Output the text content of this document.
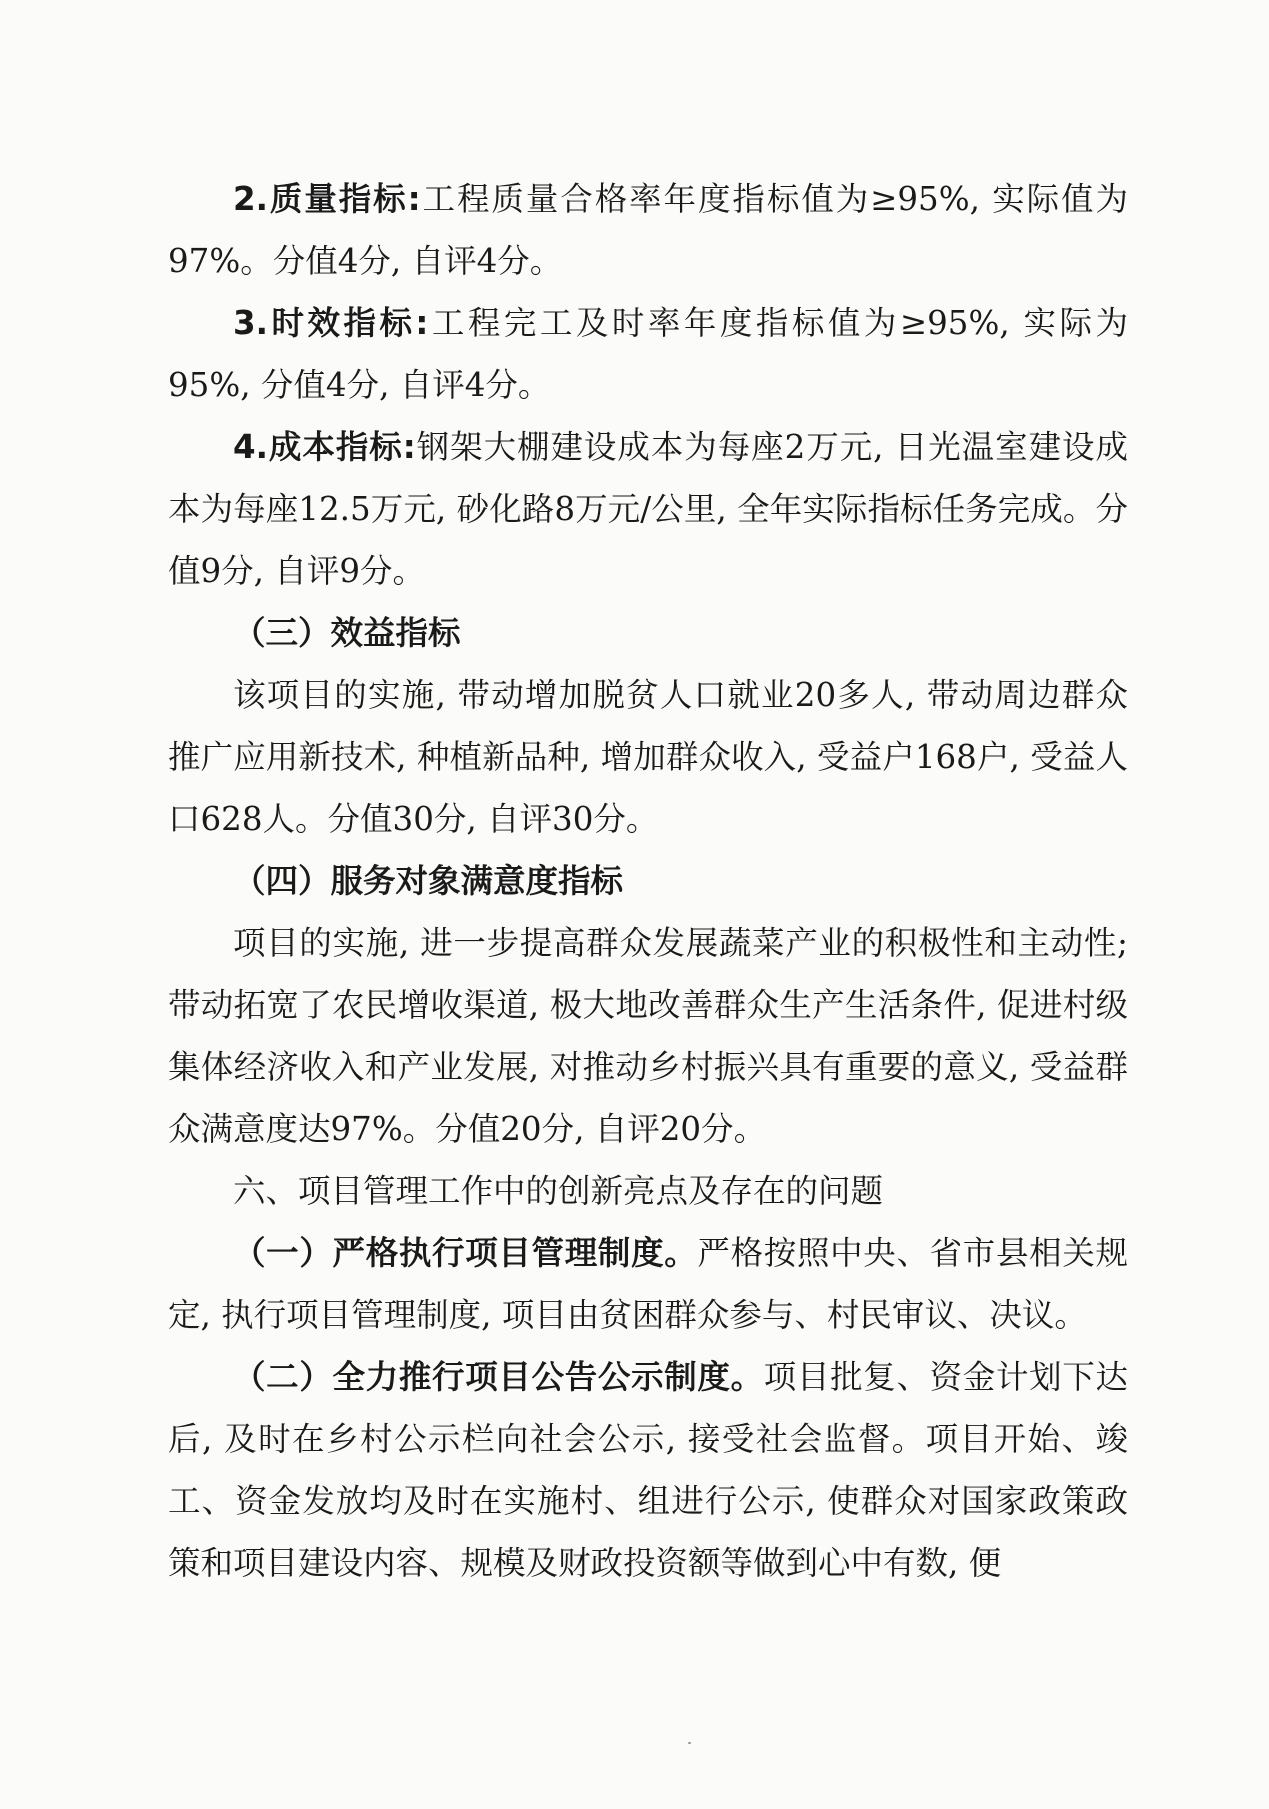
2.质量指标:工程质量合格率年度指标值为≥95%, 实际值为97%。分值4分, 自评4分。

3.时效指标:工程完工及时率年度指标值为≥95%, 实际为95%, 分值4分, 自评4分。

4.成本指标:钢架大棚建设成本为每座2万元, 日光温室建设成本为每座12.5万元, 砂化路8万元/公里, 全年实际指标任务完成。分值9分, 自评9分。

（三）效益指标

该项目的实施, 带动增加脱贫人口就业20多人, 带动周边群众推广应用新技术, 种植新品种, 增加群众收入, 受益户168户, 受益人口628人。分值30分, 自评30分。

（四）服务对象满意度指标

项目的实施, 进一步提高群众发展蔬菜产业的积极性和主动性; 带动拓宽了农民增收渠道, 极大地改善群众生产生活条件, 促进村级集体经济收入和产业发展, 对推动乡村振兴具有重要的意义, 受益群众满意度达97%。分值20分, 自评20分。

六、项目管理工作中的创新亮点及存在的问题

（一）严格执行项目管理制度。严格按照中央、省市县相关规定, 执行项目管理制度, 项目由贫困群众参与、村民审议、决议。

（二）全力推行项目公告公示制度。项目批复、资金计划下达后, 及时在乡村公示栏向社会公示, 接受社会监督。项目开始、竣工、资金发放均及时在实施村、组进行公示, 使群众对国家政策政策和项目建设内容、规模及财政投资额等做到心中有数, 便
